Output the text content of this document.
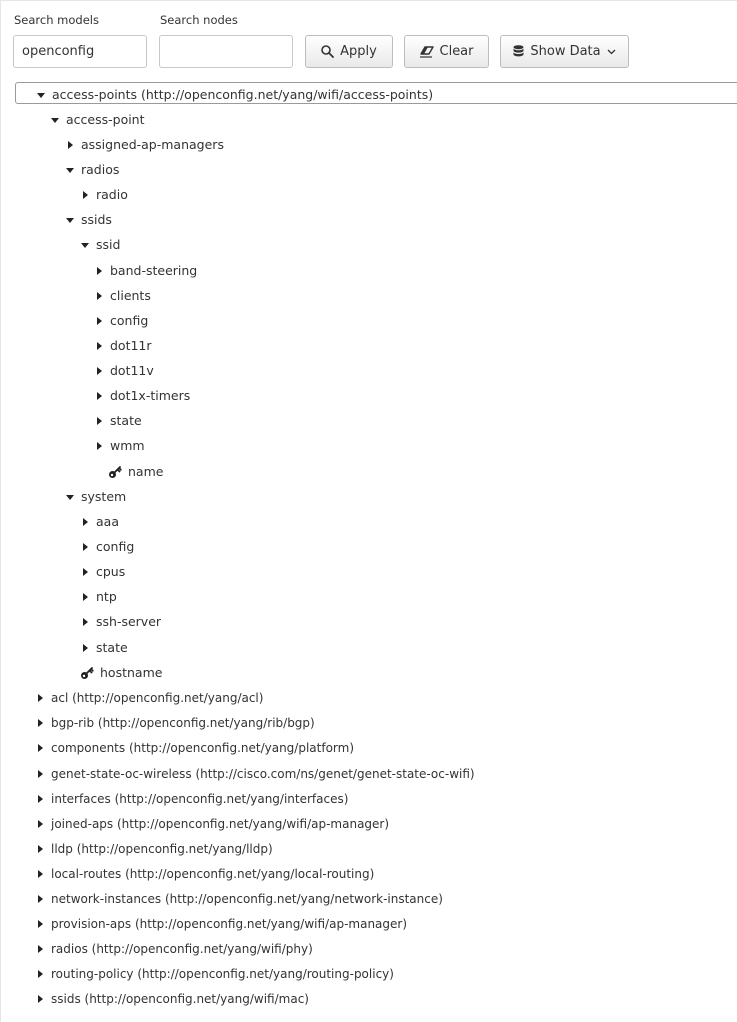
Search models	Search nodes
openconfig
Apply	Clear	Show Data
access-points (http://openconfig.net/yang/wifi/access-points)
access-point
assigned-ap-managers
radios
radio
ssids
ssid
band-steering
clients
config
dot11r
dot11v
dot1x-timers
state
wmm
name
system
aaa
config
cpus
ntp
ssh-server
state
hostname
acl (http://openconfig.net/yang/acl)
bgp-rib (http://openconfig.net/yang/rib/bgp)
components (http://openconfig.net/yang/platform)
genet-state-oc-wireless (http://cisco.com/ns/genet/genet-state-oc-wifi)
interfaces (http://openconfig.net/yang/interfaces)
joined-aps (http://openconfig.net/yang/wifi/ap-manager)
lldp (http://openconfig.net/yang/lldp)
local-routes (http://openconfig.net/yang/local-routing)
network-instances (http://openconfig.net/yang/network-instance)
provision-aps (http://openconfig.net/yang/wifi/ap-manager)
radios (http://openconfig.net/yang/wifi/phy)
routing-policy (http://openconfig.net/yang/routing-policy)
ssids (http://openconfig.net/yang/wifi/mac)
